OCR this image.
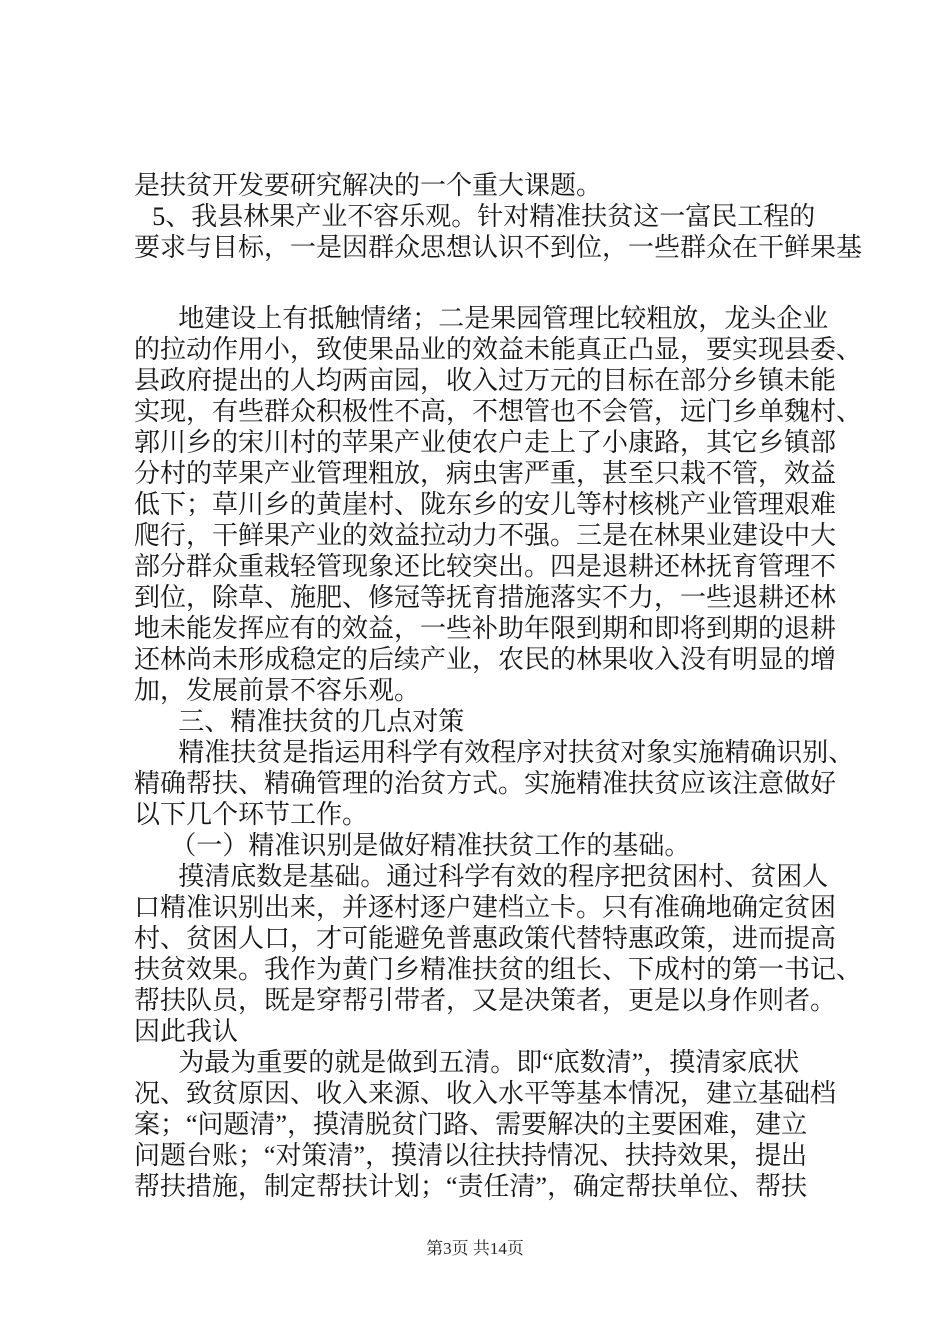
是扶贫开发要研究解决的一个重大课题。
5、我县林果产业不容乐观。针对精准扶贫这一富民工程的
要求与目标，一是因群众思想认识不到位，一些群众在干鲜果基
地建设上有抵触情绪；二是果园管理比较粗放，龙头企业
的拉动作用小，致使果品业的效益未能真正凸显，要实现县委、
县政府提出的人均两亩园，收入过万元的目标在部分乡镇未能
实现，有些群众积极性不高，不想管也不会管，远门乡单魏村、
郭川乡的宋川村的苹果产业使农户走上了小康路，其它乡镇部
分村的苹果产业管理粗放，病虫害严重，甚至只栽不管，效益
低下；草川乡的黄崖村、陇东乡的安儿等村核桃产业管理艰难
爬行，干鲜果产业的效益拉动力不强。三是在林果业建设中大
部分群众重栽轻管现象还比较突出。四是退耕还林抚育管理不
到位，除草、施肥、修冠等抚育措施落实不力，一些退耕还林
地未能发挥应有的效益，一些补助年限到期和即将到期的退耕
还林尚未形成稳定的后续产业，农民的林果收入没有明显的增
加，发展前景不容乐观。
三、精准扶贫的几点对策
精准扶贫是指运用科学有效程序对扶贫对象实施精确识别、
精确帮扶、精确管理的治贫方式。实施精准扶贫应该注意做好
以下几个环节工作。
（一）精准识别是做好精准扶贫工作的基础。
摸清底数是基础。通过科学有效的程序把贫困村、贫困人
口精准识别出来，并逐村逐户建档立卡。只有准确地确定贫困
村、贫困人口，才可能避免普惠政策代替特惠政策，进而提高
扶贫效果。我作为黄门乡精准扶贫的组长、下成村的第一书记、
帮扶队员，既是穿帮引带者，又是决策者，更是以身作则者。
因此我认
为最为重要的就是做到五清。即“底数清”，摸清家底状
况、致贫原因、收入来源、收入水平等基本情况，建立基础档
案；“问题清”，摸清脱贫门路、需要解决的主要困难，建立
问题台账；“对策清”，摸清以往扶持情况、扶持效果，提出
帮扶措施，制定帮扶计划；“责任清”，确定帮扶单位、帮扶
第3页 共14页
